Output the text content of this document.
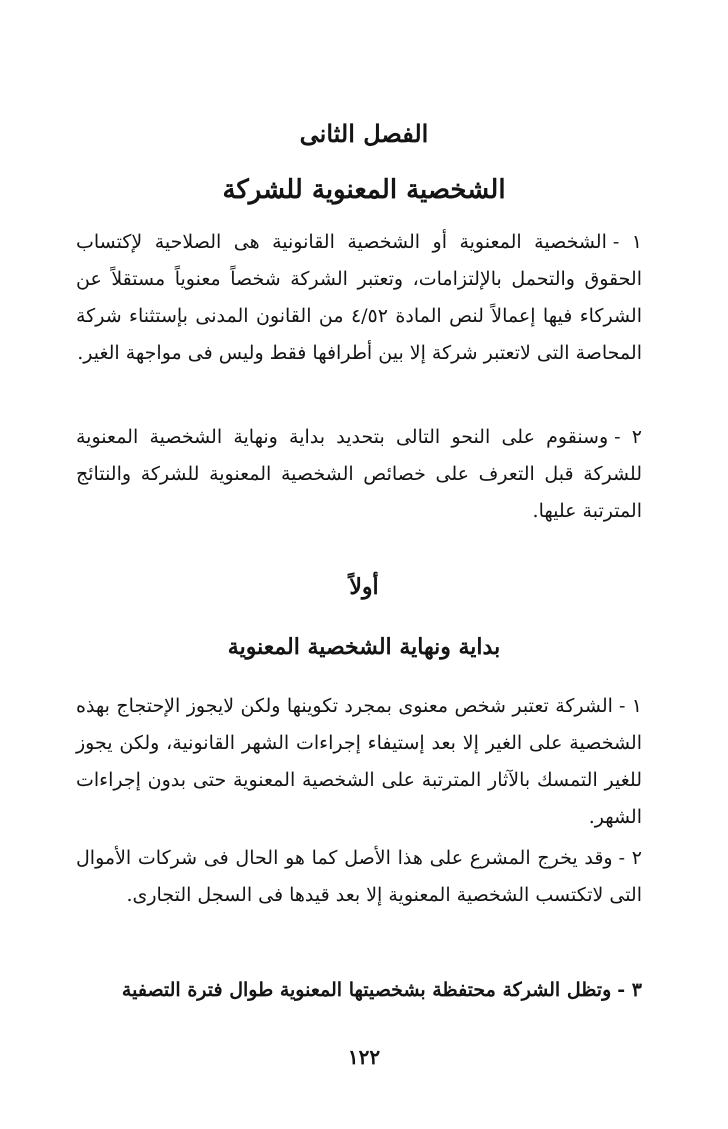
الفصل الثانى
الشخصية المعنوية للشركة

١ -الشخصية المعنوية أو الشخصية القانونية هى الصلاحية لإكتساب الحقوق والتحمل بالإلتزامات، وتعتبر الشركة شخصاً معنوياً مستقلاً عن الشركاء فيها إعمالاً لنص المادة ٤/٥٢ من القانون المدنى بإستثناء شركة المحاصة التى لاتعتبر شركة إلا بين أطرافها فقط وليس فى مواجهة الغير.

٢ -وسنقوم على النحو التالى بتحديد بداية ونهاية الشخصية المعنوية للشركة قبل التعرف على خصائص الشخصية المعنوية للشركة والنتائج المترتبة عليها.

أولاً
بداية ونهاية الشخصية المعنوية

١ -الشركة تعتبر شخص معنوى بمجرد تكوينها ولكن لايجوز الإحتجاج بهذه الشخصية على الغير إلا بعد إستيفاء إجراءات الشهر القانونية، ولكن يجوز للغير التمسك بالآثار المترتبة على الشخصية المعنوية حتى بدون إجراءات الشهر.

٢ -وقد يخرج المشرع على هذا الأصل كما هو الحال فى شركات الأموال التى لاتكتسب الشخصية المعنوية إلا بعد قيدها فى السجل التجارى.

٣ -وتظل الشركة محتفظة بشخصيتها المعنوية طوال فترة التصفية

١٢٢
